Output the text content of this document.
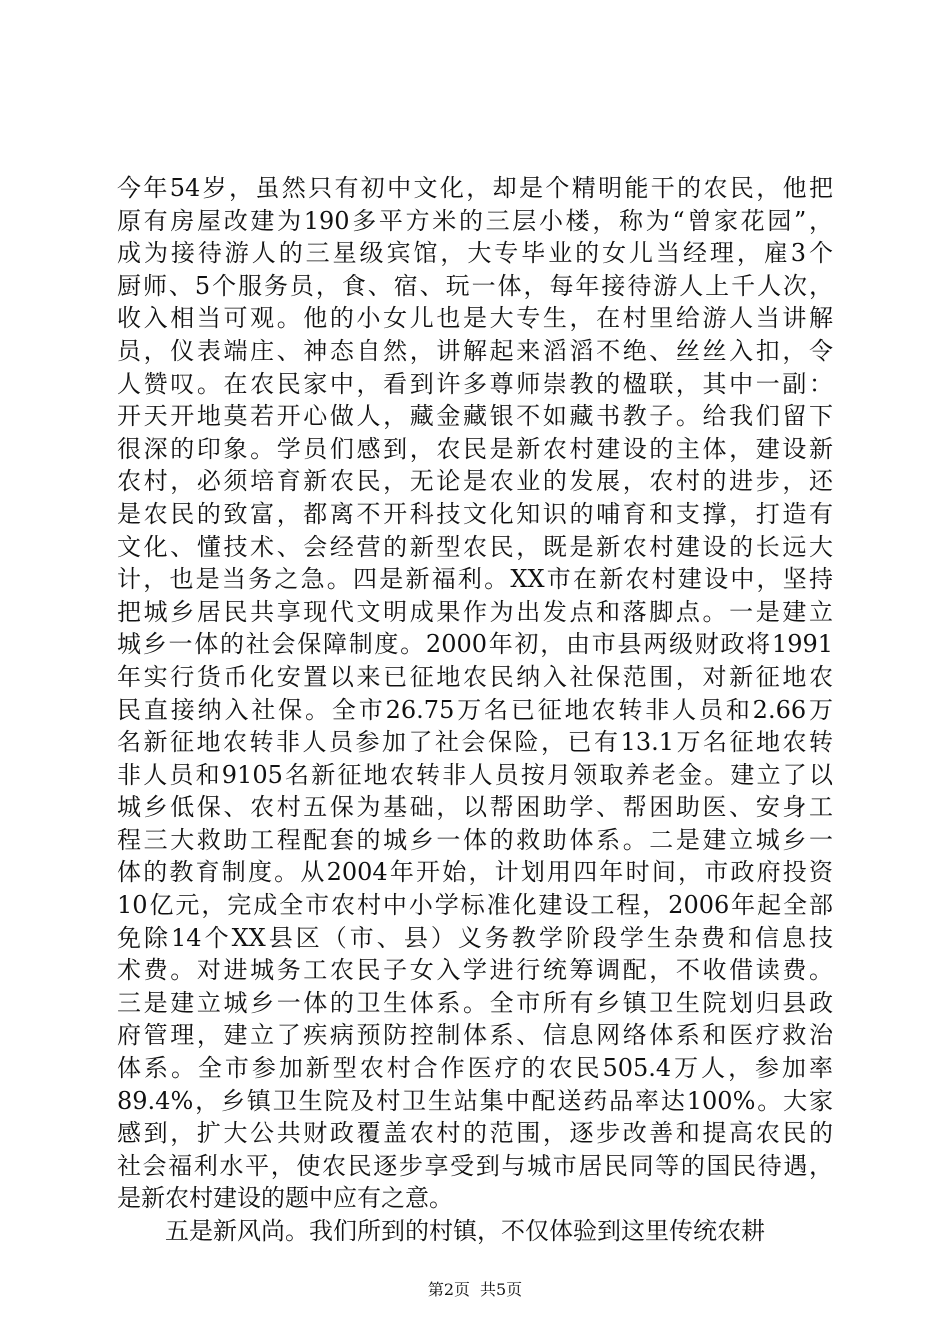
今年54岁，虽然只有初中文化，却是个精明能干的农民，他把
原有房屋改建为190多平方米的三层小楼，称为“曾家花园”，
成为接待游人的三星级宾馆，大专毕业的女儿当经理，雇3个
厨师、5个服务员，食、宿、玩一体，每年接待游人上千人次，
收入相当可观。他的小女儿也是大专生，在村里给游人当讲解
员，仪表端庄、神态自然，讲解起来滔滔不绝、丝丝入扣，令
人赞叹。在农民家中，看到许多尊师崇教的楹联，其中一副：
开天开地莫若开心做人，藏金藏银不如藏书教子。给我们留下
很深的印象。学员们感到，农民是新农村建设的主体，建设新
农村，必须培育新农民，无论是农业的发展，农村的进步，还
是农民的致富，都离不开科技文化知识的哺育和支撑，打造有
文化、懂技术、会经营的新型农民，既是新农村建设的长远大
计，也是当务之急。四是新福利。XX市在新农村建设中，坚持
把城乡居民共享现代文明成果作为出发点和落脚点。一是建立
城乡一体的社会保障制度。2000年初，由市县两级财政将1991
年实行货币化安置以来已征地农民纳入社保范围，对新征地农
民直接纳入社保。全市26.75万名已征地农转非人员和2.66万
名新征地农转非人员参加了社会保险，已有13.1万名征地农转
非人员和9105名新征地农转非人员按月领取养老金。建立了以
城乡低保、农村五保为基础，以帮困助学、帮困助医、安身工
程三大救助工程配套的城乡一体的救助体系。二是建立城乡一
体的教育制度。从2004年开始，计划用四年时间，市政府投资
10亿元，完成全市农村中小学标准化建设工程，2006年起全部
免除14个XX县区（市、县）义务教学阶段学生杂费和信息技
术费。对进城务工农民子女入学进行统筹调配，不收借读费。
三是建立城乡一体的卫生体系。全市所有乡镇卫生院划归县政
府管理，建立了疾病预防控制体系、信息网络体系和医疗救治
体系。全市参加新型农村合作医疗的农民505.4万人，参加率
89.4%，乡镇卫生院及村卫生站集中配送药品率达100%。大家
感到，扩大公共财政覆盖农村的范围，逐步改善和提高农民的
社会福利水平，使农民逐步享受到与城市居民同等的国民待遇，
是新农村建设的题中应有之意。
五是新风尚。我们所到的村镇，不仅体验到这里传统农耕
第2页 共5页
